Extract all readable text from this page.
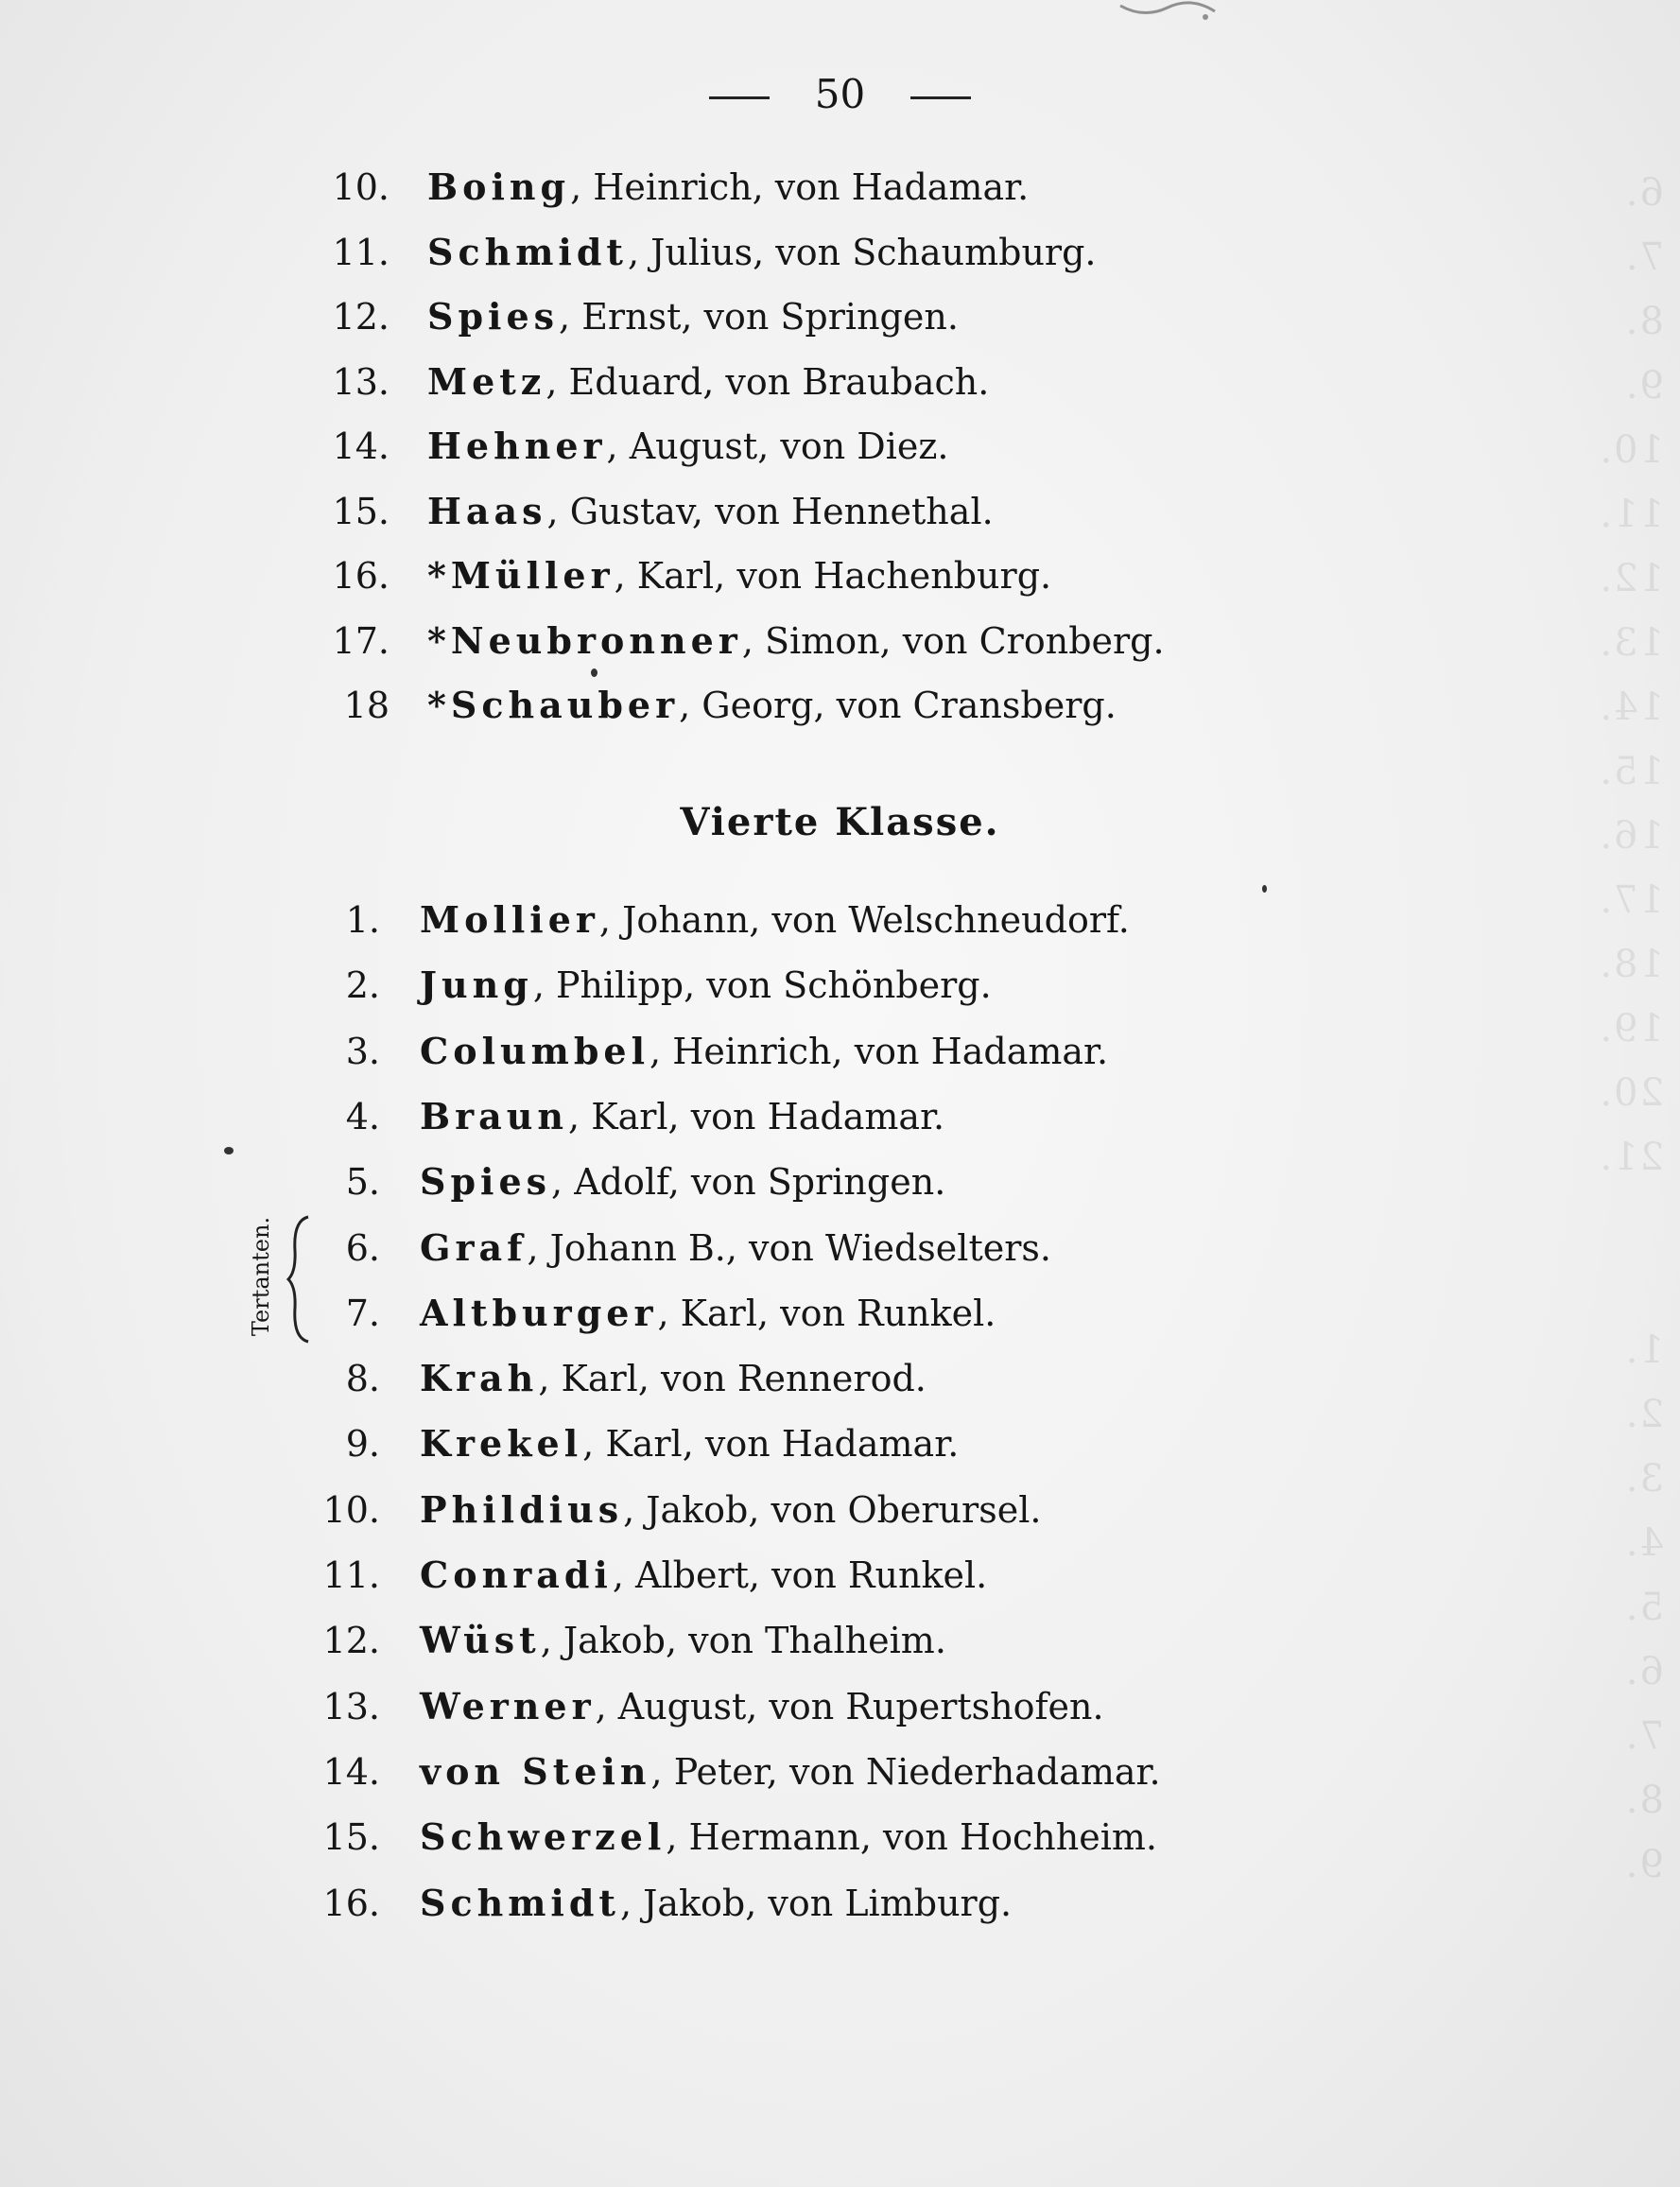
6.
7.
8.
9.
10.
11.
12.
13.
14.
15.
16.
17.
18.
19.
20.
21.
1.
2.
3.
4.
5.
6.
7.
8.
9.
50
10. Boing , Heinrich, von Hadamar.
11. Schmidt , Julius, von Schaumburg.
12. Spies , Ernst, von Springen.
13. Metz , Eduard, von Braubach.
14. Hehner , August, von Diez.
15. Haas , Gustav, von Hennethal.
16. *Müller , Karl, von Hachenburg.
17. *Neubronner , Simon, von Cronberg.
18 *Schauber , Georg, von Cransberg.
Vierte Klasse.
1. Mollier , Johann, von Welschneudorf.
2. Jung , Philipp, von Schönberg.
3. Columbel , Heinrich, von Hadamar.
4. Braun , Karl, von Hadamar.
5. Spies , Adolf, von Springen.
6. Graf , Johann B., von Wiedselters.
7. Altburger , Karl, von Runkel.
8. Krah , Karl, von Rennerod.
9. Krekel , Karl, von Hadamar.
10. Phildius , Jakob, von Oberursel.
11. Conradi , Albert, von Runkel.
12. Wüst , Jakob, von Thalheim.
13. Werner , August, von Rupertshofen.
14. von Stein , Peter, von Niederhadamar.
15. Schwerzel , Hermann, von Hochheim.
16. Schmidt , Jakob, von Limburg.
Tertanten.
